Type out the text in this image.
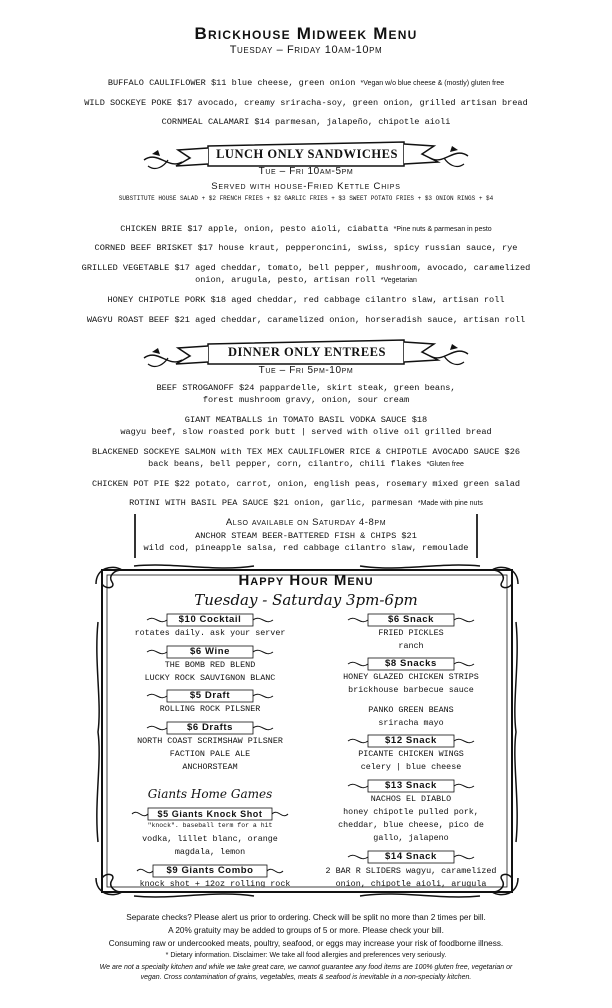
Brickhouse Midweek Menu
Tuesday – Friday 10am-10pm
BUFFALO CAULIFLOWER $11 blue cheese, green onion *Vegan w/o blue cheese & (mostly) gluten free
WILD SOCKEYE POKE $17 avocado, creamy sriracha-soy, green onion, grilled artisan bread
CORNMEAL CALAMARI $14 parmesan, jalapeño, chipotle aioli
LUNCH ONLY SANDWICHES
Tue – Fri 10am-5pm
Served with house-Fried Kettle Chips
SUBSTITUTE HOUSE SALAD + $2 FRENCH FRIES + $2 GARLIC FRIES + $3 SWEET POTATO FRIES + $3 ONION RINGS + $4
CHICKEN BRIE $17 apple, onion, pesto aioli, ciabatta *Pine nuts & parmesan in pesto
CORNED BEEF BRISKET $17 house kraut, pepperoncini, swiss, spicy russian sauce, rye
GRILLED VEGETABLE $17 aged cheddar, tomato, bell pepper, mushroom, avocado, caramelized
onion, arugula, pesto, artisan roll *Vegetarian
HONEY CHIPOTLE PORK $18 aged cheddar, red cabbage cilantro slaw, artisan roll
WAGYU ROAST BEEF $21 aged cheddar, caramelized onion, horseradish sauce, artisan roll
DINNER ONLY ENTREES
Tue – Fri 5pm-10pm
BEEF STROGANOFF $24 pappardelle, skirt steak, green beans,
forest mushroom gravy, onion, sour cream
GIANT MEATBALLS in TOMATO BASIL VODKA SAUCE $18
wagyu beef, slow roasted pork butt | served with olive oil grilled bread
BLACKENED SOCKEYE SALMON with TEX MEX CAULIFLOWER RICE & CHIPOTLE AVOCADO SAUCE $26
back beans, bell pepper, corn, cilantro, chili flakes *Gluten free
CHICKEN POT PIE $22 potato, carrot, onion, english peas, rosemary mixed green salad
ROTINI WITH BASIL PEA SAUCE $21 onion, garlic, parmesan *Made with pine nuts
Also available on Saturday 4-8pm
ANCHOR STEAM BEER-BATTERED FISH & CHIPS $21
wild cod, pineapple salsa, red cabbage cilantro slaw, remoulade
Happy Hour Menu
Tuesday - Saturday 3pm-6pm
$10 Cocktail
rotates daily. ask your server
$6 Wine
THE BOMB RED BLEND
LUCKY ROCK SAUVIGNON BLANC
$5 Draft
ROLLING ROCK PILSNER
$6 Drafts
NORTH COAST SCRIMSHAW PILSNER
FACTION PALE ALE
ANCHORSTEAM
Giants Home Games
$5 Giants Knock Shot
"knock". baseball term for a hit
vodka, lillet blanc, orange
magdala, lemon
$9 Giants Combo
knock shot + 12oz rolling rock
$6 Snack
FRIED PICKLES
ranch
$8 Snacks
HONEY GLAZED CHICKEN STRIPS
brickhouse barbecue sauce
PANKO GREEN BEANS
sriracha mayo
$12 Snack
PICANTE CHICKEN WINGS
celery | blue cheese
$13 Snack
NACHOS EL DIABLO
honey chipotle pulled pork,
cheddar, blue cheese, pico de
gallo, jalapeno
$14 Snack
2 BAR R SLIDERS wagyu, caramelized
onion, chipotle aioli, arugula
Separate checks? Please alert us prior to ordering. Check will be split no more than 2 times per bill.
A 20% gratuity may be added to groups of 5 or more. Please check your bill.
Consuming raw or undercooked meats, poultry, seafood, or eggs may increase your risk of foodborne illness.
* Dietary information. Disclaimer: We take all food allergies and preferences very seriously.
We are not a specialty kitchen and while we take great care, we cannot guarantee any food items are 100% gluten free, vegetarian or
vegan. Cross contamination of grains, vegetables, meats & seafood is inevitable in a non-specialty kitchen.
